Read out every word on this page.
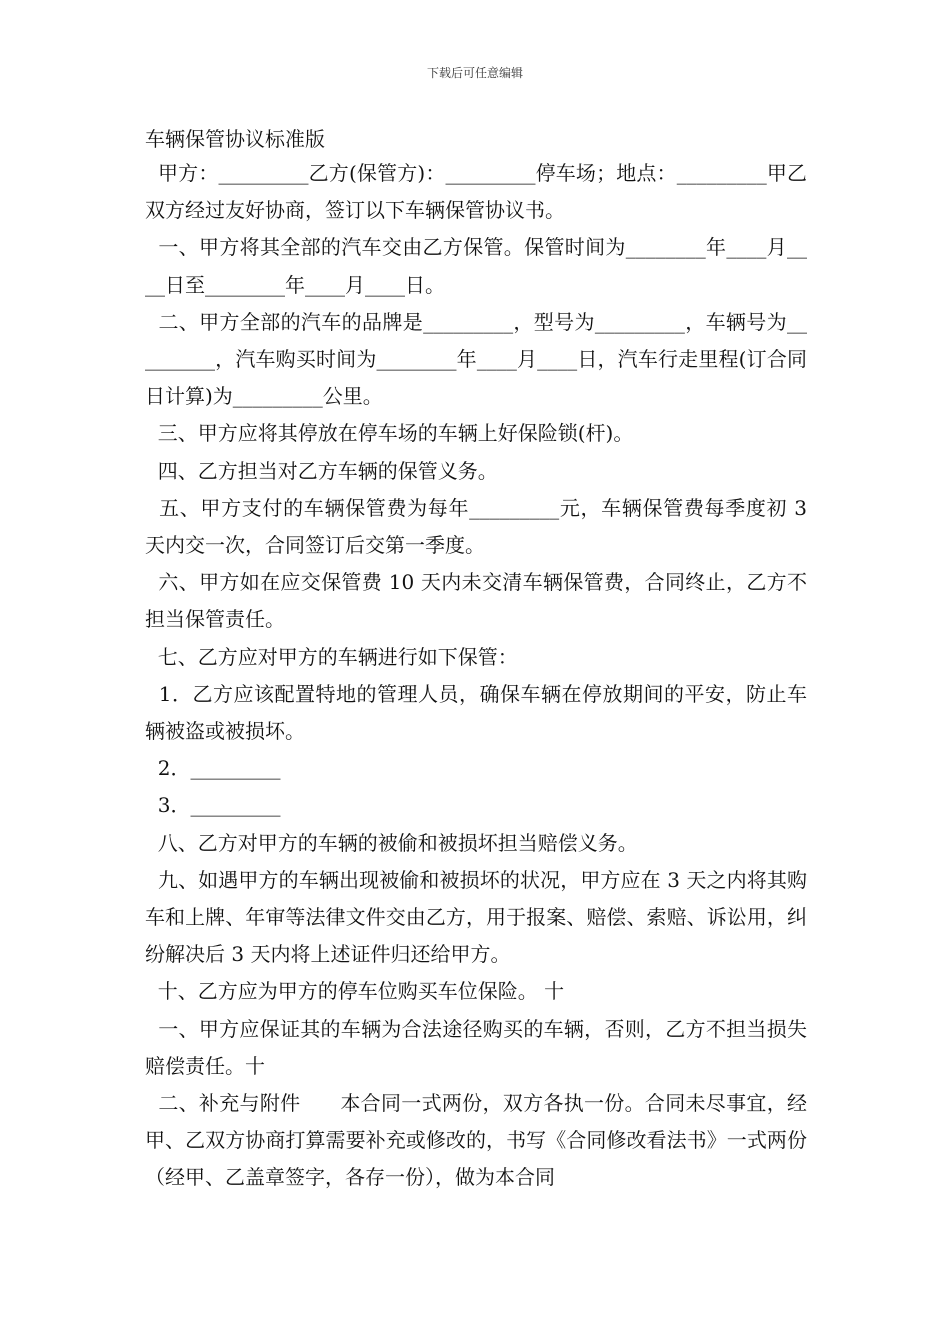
下载后可任意编辑
车辆保管协议标准版

甲方：_________乙方(保管方)：_________停车场；地点：_________甲乙双方经过友好协商，签订以下车辆保管协议书。

一、甲方将其全部的汽车交由乙方保管。保管时间为________年____月____日至________年____月____日。

二、甲方全部的汽车的品牌是_________，型号为_________，车辆号为_________，汽车购买时间为________年____月____日，汽车行走里程(订合同日计算)为_________公里。

三、甲方应将其停放在停车场的车辆上好保险锁(杆)。

四、乙方担当对乙方车辆的保管义务。

五、甲方支付的车辆保管费为每年_________元，车辆保管费每季度初 3 天内交一次，合同签订后交第一季度。

六、甲方如在应交保管费 10 天内未交清车辆保管费，合同终止，乙方不担当保管责任。

七、乙方应对甲方的车辆进行如下保管：

1．乙方应该配置特地的管理人员，确保车辆在停放期间的平安，防止车辆被盗或被损坏。

2．_________

3．_________

八、乙方对甲方的车辆的被偷和被损坏担当赔偿义务。

九、如遇甲方的车辆出现被偷和被损坏的状况，甲方应在 3 天之内将其购车和上牌、年审等法律文件交由乙方，用于报案、赔偿、索赔、诉讼用，纠纷解决后 3 天内将上述证件归还给甲方。

十、乙方应为甲方的停车位购买车位保险。 十

一、甲方应保证其的车辆为合法途径购买的车辆，否则，乙方不担当损失赔偿责任。十

二、补充与附件      本合同一式两份，双方各执一份。合同未尽事宜，经甲、乙双方协商打算需要补充或修改的，书写《合同修改看法书》一式两份（经甲、乙盖章签字，各存一份），做为本合同
